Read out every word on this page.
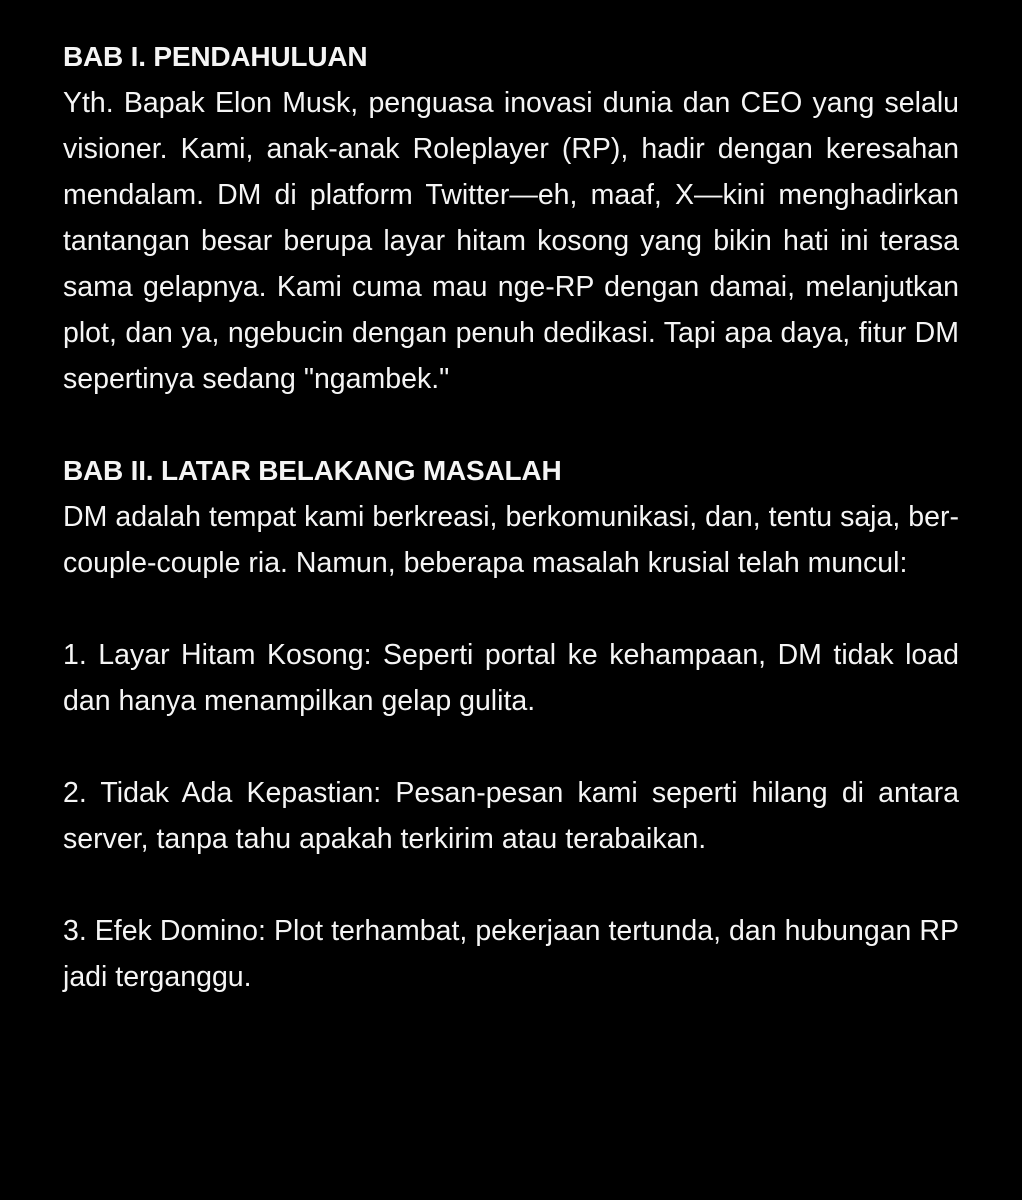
BAB I. PENDAHULUAN

Yth. Bapak Elon Musk, penguasa inovasi dunia dan CEO yang selalu visioner. Kami, anak-anak Roleplayer (RP), hadir dengan keresahan mendalam. DM di platform Twitter—eh, maaf, X—kini menghadirkan tantangan besar berupa layar hitam kosong yang bikin hati ini terasa sama gelapnya. Kami cuma mau nge-RP dengan damai, melanjutkan plot, dan ya, ngebucin dengan penuh dedikasi. Tapi apa daya, fitur DM sepertinya sedang "ngambek."

BAB II. LATAR BELAKANG MASALAH

DM adalah tempat kami berkreasi, berkomunikasi, dan, tentu saja, ber-couple-couple ria. Namun, beberapa masalah krusial telah muncul:

1. Layar Hitam Kosong: Seperti portal ke kehampaan, DM tidak load dan hanya menampilkan gelap gulita.

2. Tidak Ada Kepastian: Pesan-pesan kami seperti hilang di antara server, tanpa tahu apakah terkirim atau terabaikan.

3. Efek Domino: Plot terhambat, pekerjaan tertunda, dan hubungan RP jadi terganggu.
